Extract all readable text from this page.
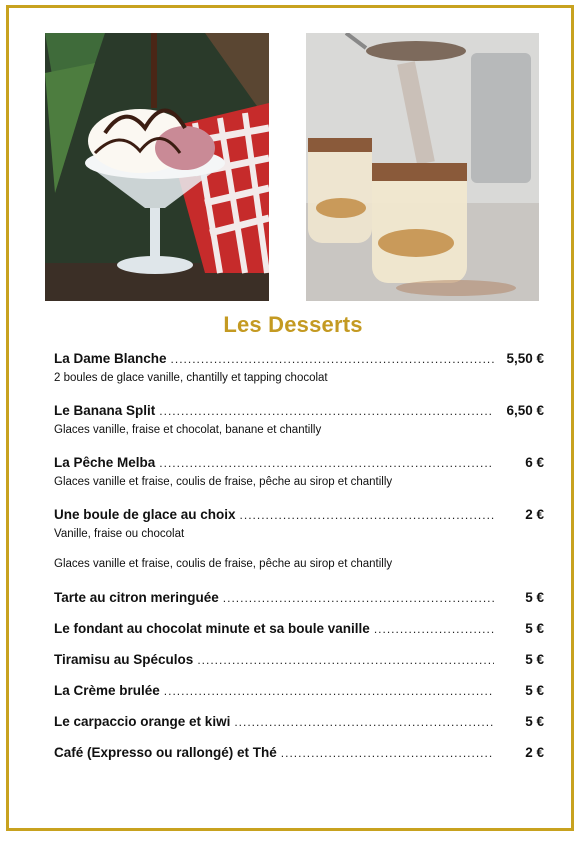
Les Desserts
La Dame Blanche .....	5,50 €
2 boules de glace vanille, chantilly et tapping chocolat
Le Banana Split .....	6,50 €
Glaces vanille, fraise et chocolat, banane et chantilly
La Pêche Melba .....	6 €
Glaces vanille et fraise, coulis de fraise, pêche au sirop et chantilly
Une boule de glace au choix .....	2 €
Vanille, fraise ou chocolat
Glaces vanille et fraise, coulis de fraise, pêche au sirop et chantilly
Tarte au citron meringuée .....	5 €
Le fondant au chocolat minute et sa boule vanille .....	5 €
Tiramisu au Spéculos .....	5 €
La Crème brulée .....	5 €
Le carpaccio orange et kiwi .....	5 €
Café (Expresso ou rallongé) et Thé .....	2 €
